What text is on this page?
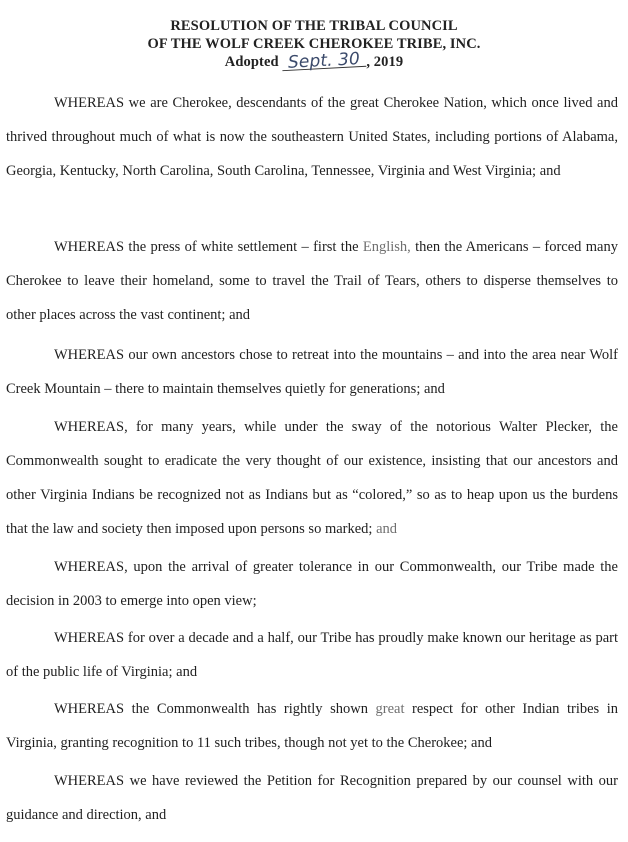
RESOLUTION OF THE TRIBAL COUNCIL
OF THE WOLF CREEK CHEROKEE TRIBE, INC.
Adopted Sept. 30 , 2019

WHEREAS we are Cherokee, descendants of the great Cherokee Nation, which once lived and thrived throughout much of what is now the southeastern United States, including portions of Alabama, Georgia, Kentucky, North Carolina, South Carolina, Tennessee, Virginia and West Virginia; and

WHEREAS the press of white settlement – first the English, then the Americans – forced many Cherokee to leave their homeland, some to travel the Trail of Tears, others to disperse themselves to other places across the vast continent; and

WHEREAS our own ancestors chose to retreat into the mountains – and into the area near Wolf Creek Mountain – there to maintain themselves quietly for generations; and

WHEREAS, for many years, while under the sway of the notorious Walter Plecker, the Commonwealth sought to eradicate the very thought of our existence, insisting that our ancestors and other Virginia Indians be recognized not as Indians but as “colored,” so as to heap upon us the burdens that the law and society then imposed upon persons so marked; and

WHEREAS, upon the arrival of greater tolerance in our Commonwealth, our Tribe made the decision in 2003 to emerge into open view;

WHEREAS for over a decade and a half, our Tribe has proudly make known our heritage as part of the public life of Virginia; and

WHEREAS the Commonwealth has rightly shown great respect for other Indian tribes in Virginia, granting recognition to 11 such tribes, though not yet to the Cherokee; and

WHEREAS we have reviewed the Petition for Recognition prepared by our counsel with our guidance and direction, and
